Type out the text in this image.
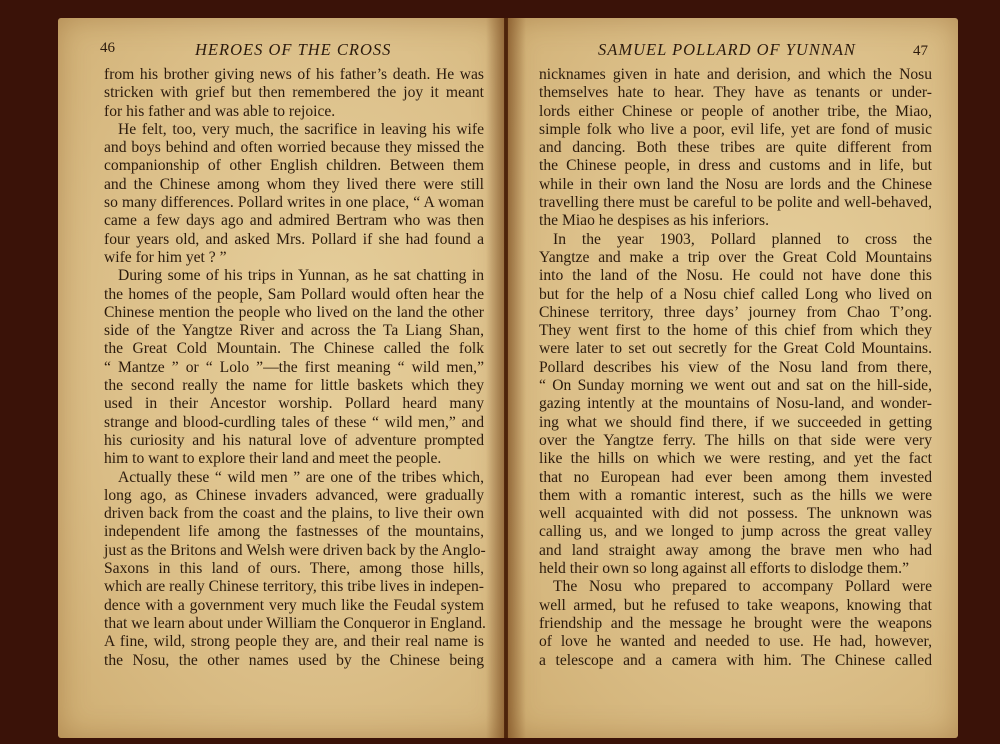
46	HEROES OF THE CROSS
from his brother giving news of his father’s death. He was
stricken with grief but then remembered the joy it meant
for his father and was able to rejoice.
He felt, too, very much, the sacrifice in leaving his wife
and boys behind and often worried because they missed the
companionship of other English children. Between them
and the Chinese among whom they lived there were still
so many differences. Pollard writes in one place, “ A woman
came a few days ago and admired Bertram who was then
four years old, and asked Mrs. Pollard if she had found a
wife for him yet ? ”
During some of his trips in Yunnan, as he sat chatting in
the homes of the people, Sam Pollard would often hear the
Chinese mention the people who lived on the land the other
side of the Yangtze River and across the Ta Liang Shan,
the Great Cold Mountain. The Chinese called the folk
“ Mantze ” or “ Lolo ”—the first meaning “ wild men,”
the second really the name for little baskets which they
used in their Ancestor worship. Pollard heard many
strange and blood-curdling tales of these “ wild men,” and
his curiosity and his natural love of adventure prompted
him to want to explore their land and meet the people.
Actually these “ wild men ” are one of the tribes which,
long ago, as Chinese invaders advanced, were gradually
driven back from the coast and the plains, to live their own
independent life among the fastnesses of the mountains,
just as the Britons and Welsh were driven back by the Anglo-
Saxons in this land of ours. There, among those hills,
which are really Chinese territory, this tribe lives in indepen-
dence with a government very much like the Feudal system
that we learn about under William the Conqueror in England.
A fine, wild, strong people they are, and their real name is
the Nosu, the other names used by the Chinese being
SAMUEL POLLARD OF YUNNAN	47
nicknames given in hate and derision, and which the Nosu
themselves hate to hear. They have as tenants or under-
lords either Chinese or people of another tribe, the Miao,
simple folk who live a poor, evil life, yet are fond of music
and dancing. Both these tribes are quite different from
the Chinese people, in dress and customs and in life, but
while in their own land the Nosu are lords and the Chinese
travelling there must be careful to be polite and well-behaved,
the Miao he despises as his inferiors.
In the year 1903, Pollard planned to cross the
Yangtze and make a trip over the Great Cold Mountains
into the land of the Nosu. He could not have done this
but for the help of a Nosu chief called Long who lived on
Chinese territory, three days’ journey from Chao T’ong.
They went first to the home of this chief from which they
were later to set out secretly for the Great Cold Mountains.
Pollard describes his view of the Nosu land from there,
“ On Sunday morning we went out and sat on the hill-side,
gazing intently at the mountains of Nosu-land, and wonder-
ing what we should find there, if we succeeded in getting
over the Yangtze ferry. The hills on that side were very
like the hills on which we were resting, and yet the fact
that no European had ever been among them invested
them with a romantic interest, such as the hills we were
well acquainted with did not possess. The unknown was
calling us, and we longed to jump across the great valley
and land straight away among the brave men who had
held their own so long against all efforts to dislodge them.”
The Nosu who prepared to accompany Pollard were
well armed, but he refused to take weapons, knowing that
friendship and the message he brought were the weapons
of love he wanted and needed to use. He had, however,
a telescope and a camera with him. The Chinese called
